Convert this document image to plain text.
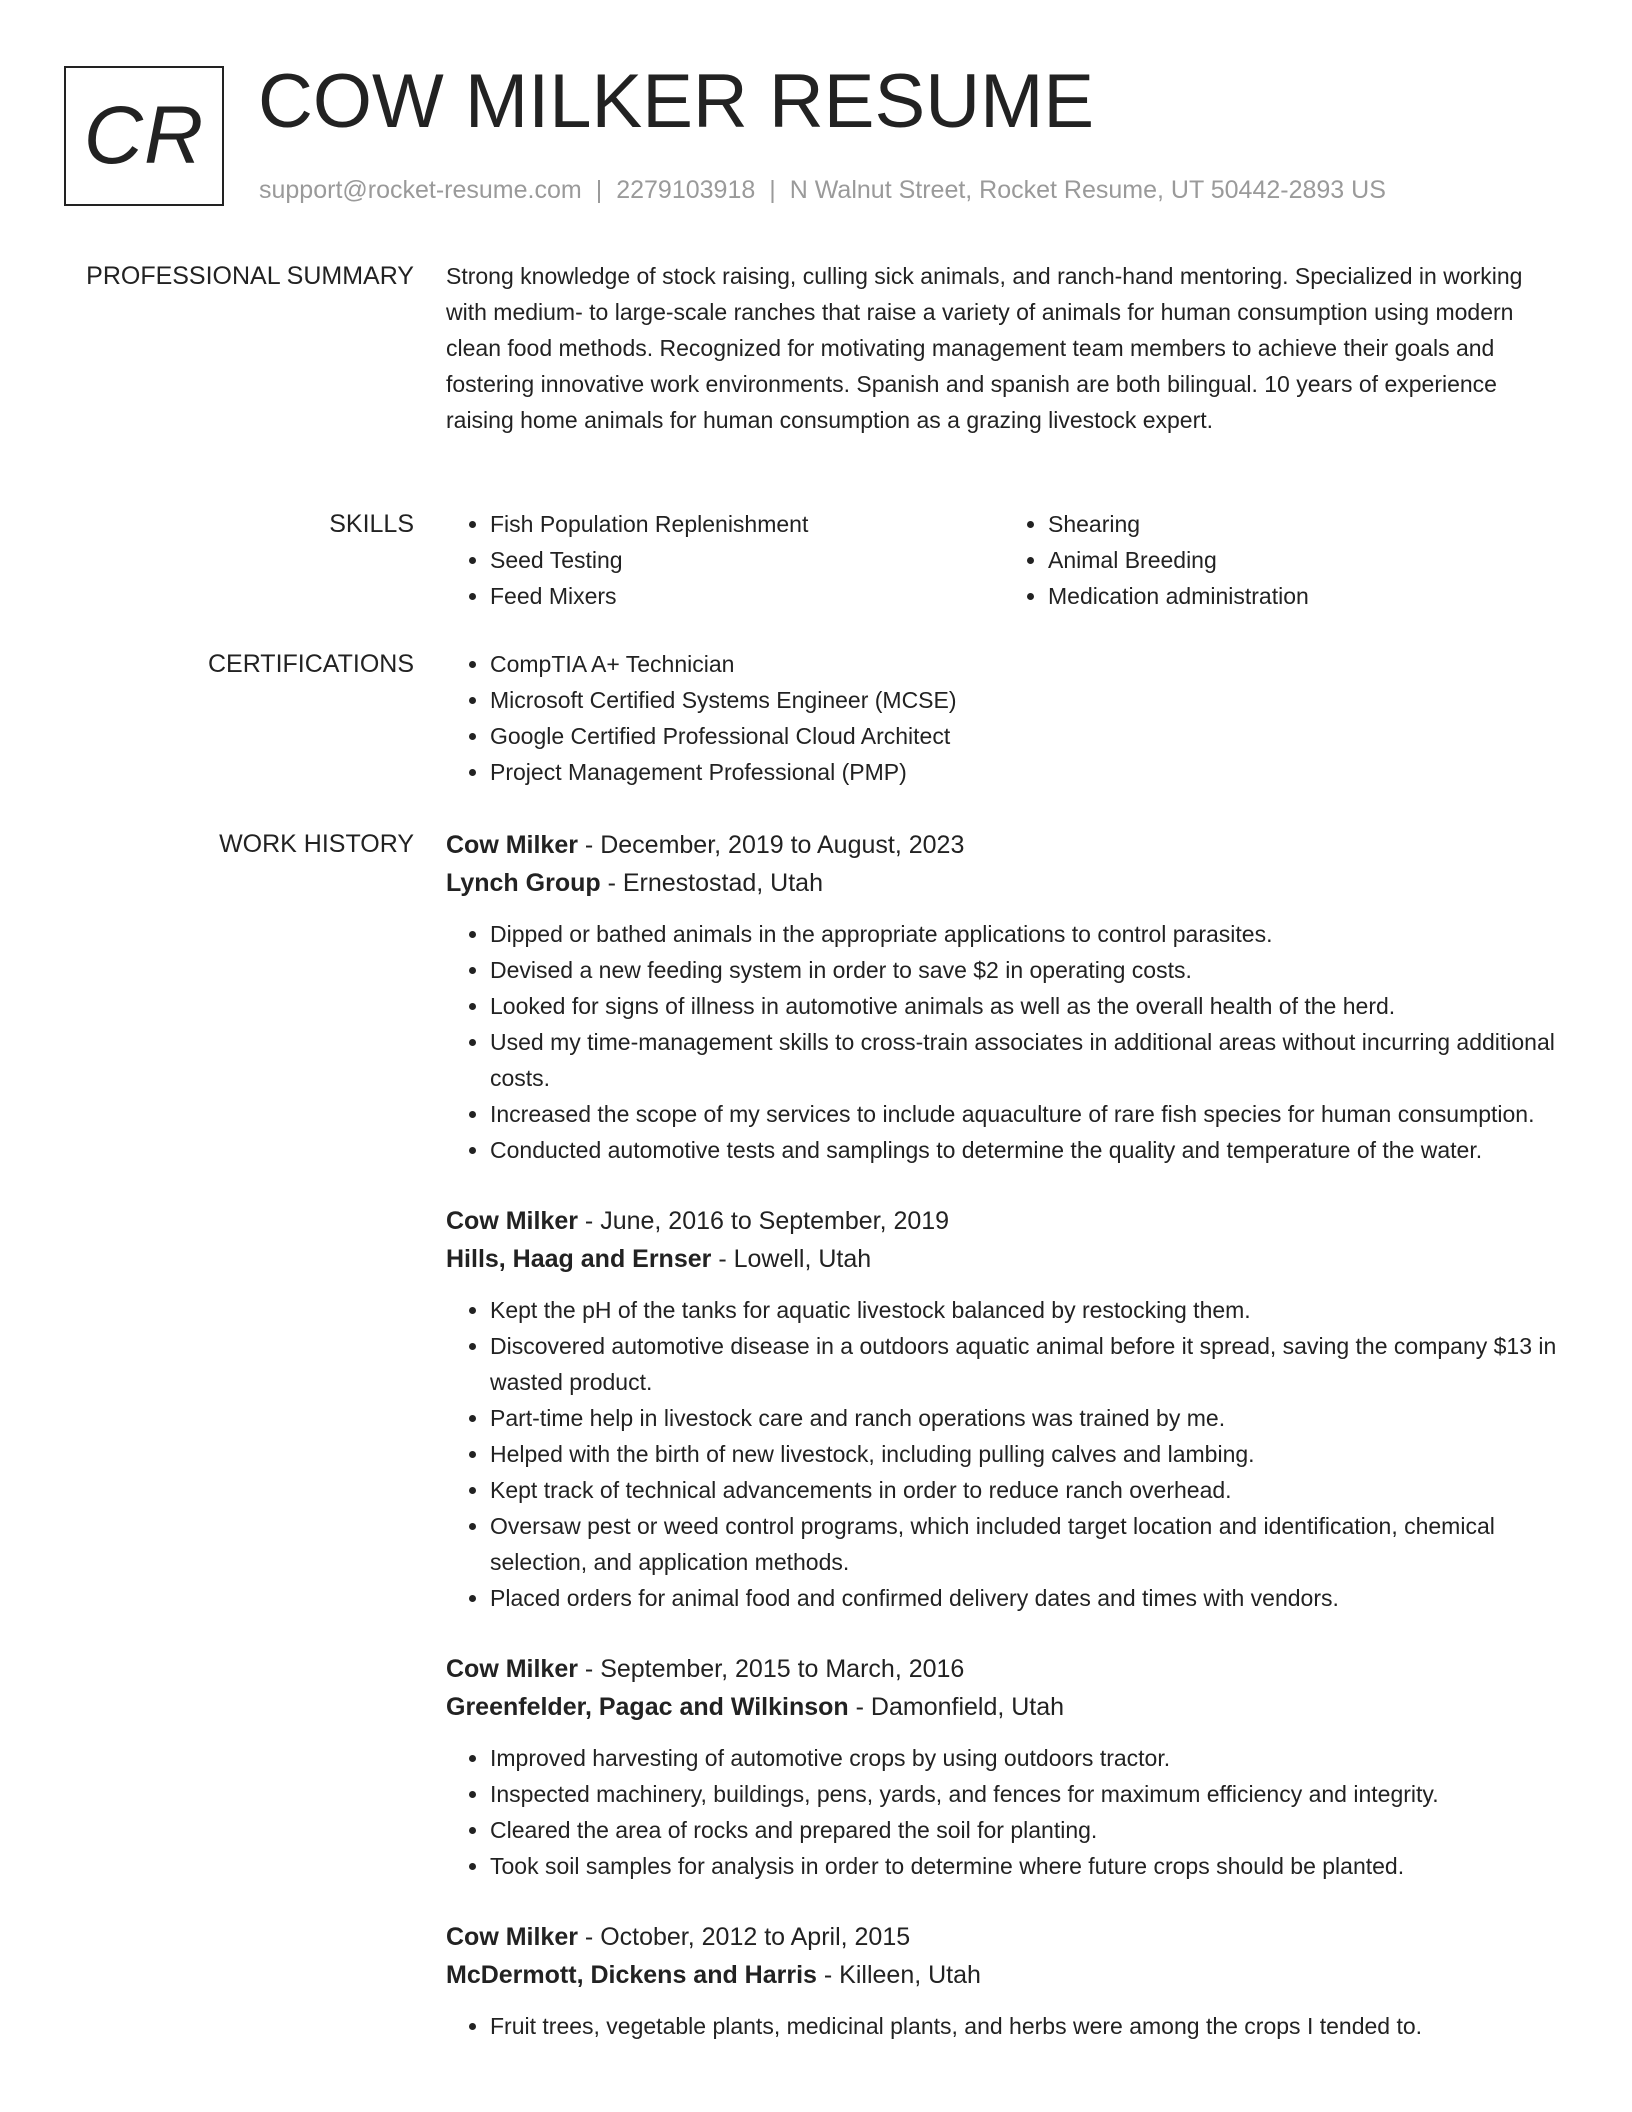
CR COW MILKER RESUME
support@rocket-resume.com | 2279103918 | N Walnut Street, Rocket Resume, UT 50442-2893 US
PROFESSIONAL SUMMARY Strong knowledge of stock raising, culling sick animals, and ranch-hand mentoring. Specialized in working with medium- to large-scale ranches that raise a variety of animals for human consumption using modern clean food methods. Recognized for motivating management team members to achieve their goals and fostering innovative work environments. Spanish and spanish are both bilingual. 10 years of experience raising home animals for human consumption as a grazing livestock expert.
SKILLS	• Fish Population Replenishment
• Seed Testing
• Feed Mixers
• Shearing
• Animal Breeding
• Medication administration
CERTIFICATIONS	• CompTIA A+ Technician
• Microsoft Certified Systems Engineer (MCSE)
• Google Certified Professional Cloud Architect
• Project Management Professional (PMP)
WORK HISTORY Cow Milker - December, 2019 to August, 2023
Lynch Group - Ernestostad, Utah
• Dipped or bathed animals in the appropriate applications to control parasites.
• Devised a new feeding system in order to save $2 in operating costs.
• Looked for signs of illness in automotive animals as well as the overall health of the herd.
• Used my time-management skills to cross-train associates in additional areas without incurring additional costs.
• Increased the scope of my services to include aquaculture of rare fish species for human consumption.
• Conducted automotive tests and samplings to determine the quality and temperature of the water.
Cow Milker - June, 2016 to September, 2019
Hills, Haag and Ernser - Lowell, Utah
• Kept the pH of the tanks for aquatic livestock balanced by restocking them.
• Discovered automotive disease in a outdoors aquatic animal before it spread, saving the company $13 in wasted product.
• Part-time help in livestock care and ranch operations was trained by me.
• Helped with the birth of new livestock, including pulling calves and lambing.
• Kept track of technical advancements in order to reduce ranch overhead.
• Oversaw pest or weed control programs, which included target location and identification, chemical selection, and application methods.
• Placed orders for animal food and confirmed delivery dates and times with vendors.
Cow Milker - September, 2015 to March, 2016
Greenfelder, Pagac and Wilkinson - Damonfield, Utah
• Improved harvesting of automotive crops by using outdoors tractor.
• Inspected machinery, buildings, pens, yards, and fences for maximum efficiency and integrity.
• Cleared the area of rocks and prepared the soil for planting.
• Took soil samples for analysis in order to determine where future crops should be planted.
Cow Milker - October, 2012 to April, 2015
McDermott, Dickens and Harris - Killeen, Utah
• Fruit trees, vegetable plants, medicinal plants, and herbs were among the crops I tended to.
